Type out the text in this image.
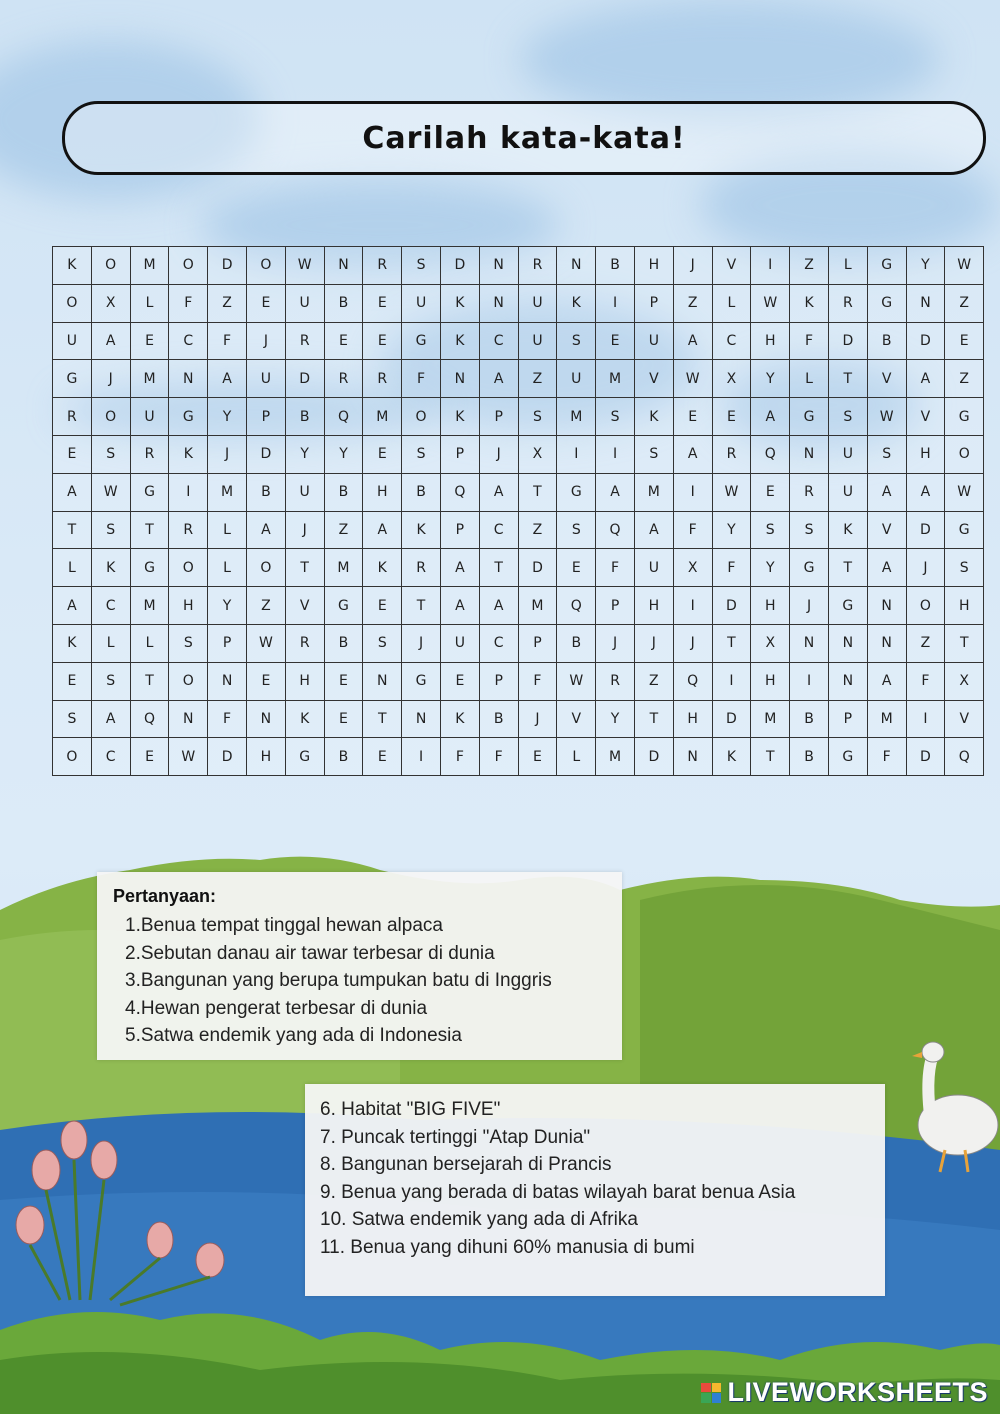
Carilah kata-kata!
K	O	M	O	D	O	W	N	R	S	D	N	R	N	B	H	J	V	I	Z	L	G	Y	W
O	X	L	F	Z	E	U	B	E	U	K	N	U	K	I	P	Z	L	W	K	R	G	N	Z
U	A	E	C	F	J	R	E	E	G	K	C	U	S	E	U	A	C	H	F	D	B	D	E
G	J	M	N	A	U	D	R	R	F	N	A	Z	U	M	V	W	X	Y	L	T	V	A	Z
R	O	U	G	Y	P	B	Q	M	O	K	P	S	M	S	K	E	E	A	G	S	W	V	G
E	S	R	K	J	D	Y	Y	E	S	P	J	X	I	I	S	A	R	Q	N	U	S	H	O
A	W	G	I	M	B	U	B	H	B	Q	A	T	G	A	M	I	W	E	R	U	A	A	W
T	S	T	R	L	A	J	Z	A	K	P	C	Z	S	Q	A	F	Y	S	S	K	V	D	G
L	K	G	O	L	O	T	M	K	R	A	T	D	E	F	U	X	F	Y	G	T	A	J	S
A	C	M	H	Y	Z	V	G	E	T	A	A	M	Q	P	H	I	D	H	J	G	N	O	H
K	L	L	S	P	W	R	B	S	J	U	C	P	B	J	J	J	T	X	N	N	N	Z	T
E	S	T	O	N	E	H	E	N	G	E	P	F	W	R	Z	Q	I	H	I	N	A	F	X
S	A	Q	N	F	N	K	E	T	N	K	B	J	V	Y	T	H	D	M	B	P	M	I	V
O	C	E	W	D	H	G	B	E	I	F	F	E	L	M	D	N	K	T	B	G	F	D	Q
Pertanyaan:
1.Benua tempat tinggal hewan alpaca
2.Sebutan danau air tawar terbesar di dunia
3.Bangunan yang berupa tumpukan batu di Inggris
4.Hewan pengerat terbesar di dunia
5.Satwa endemik yang ada di Indonesia
6. Habitat "BIG FIVE"
7. Puncak tertinggi "Atap Dunia"
8. Bangunan bersejarah di Prancis
9. Benua yang berada di batas wilayah barat benua Asia
10. Satwa endemik yang ada di Afrika
11. Benua yang dihuni 60% manusia di bumi
LIVEWORKSHEETS
